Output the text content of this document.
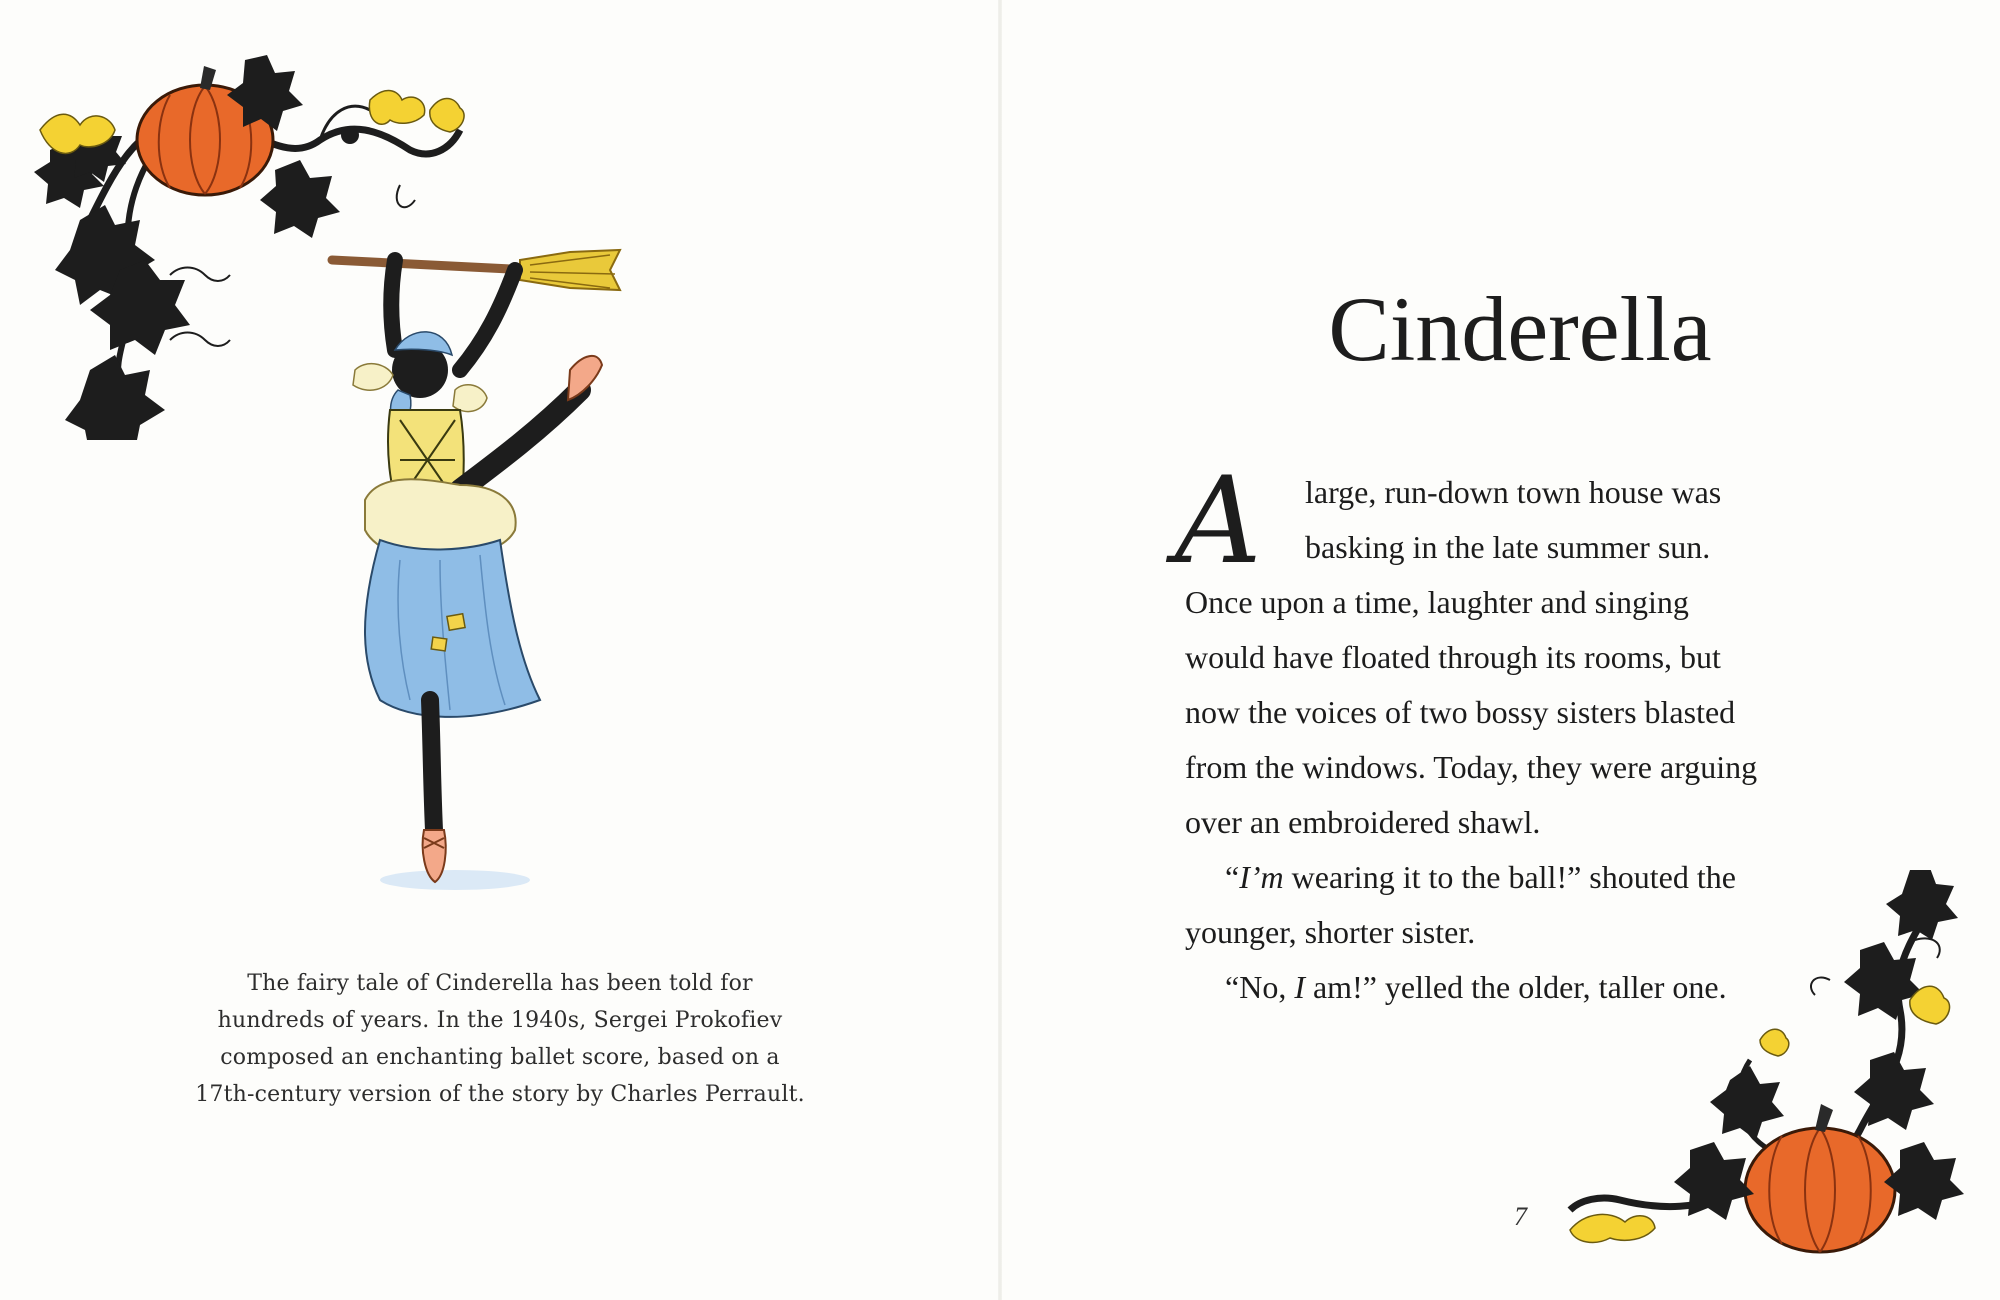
The fairy tale of Cinderella has been told for
hundreds of years. In the 1940s, Sergei Prokofiev
composed an enchanting ballet score, based on a
17th-century version of the story by Charles Perrault.
Cinderella
A large, run-down town house was
basking in the late summer sun.
Once upon a time, laughter and singing
would have floated through its rooms, but
now the voices of two bossy sisters blasted
from the windows. Today, they were arguing
over an embroidered shawl.
“I’m wearing it to the ball!” shouted the
younger, shorter sister.
“No, I am!” yelled the older, taller one.
7
